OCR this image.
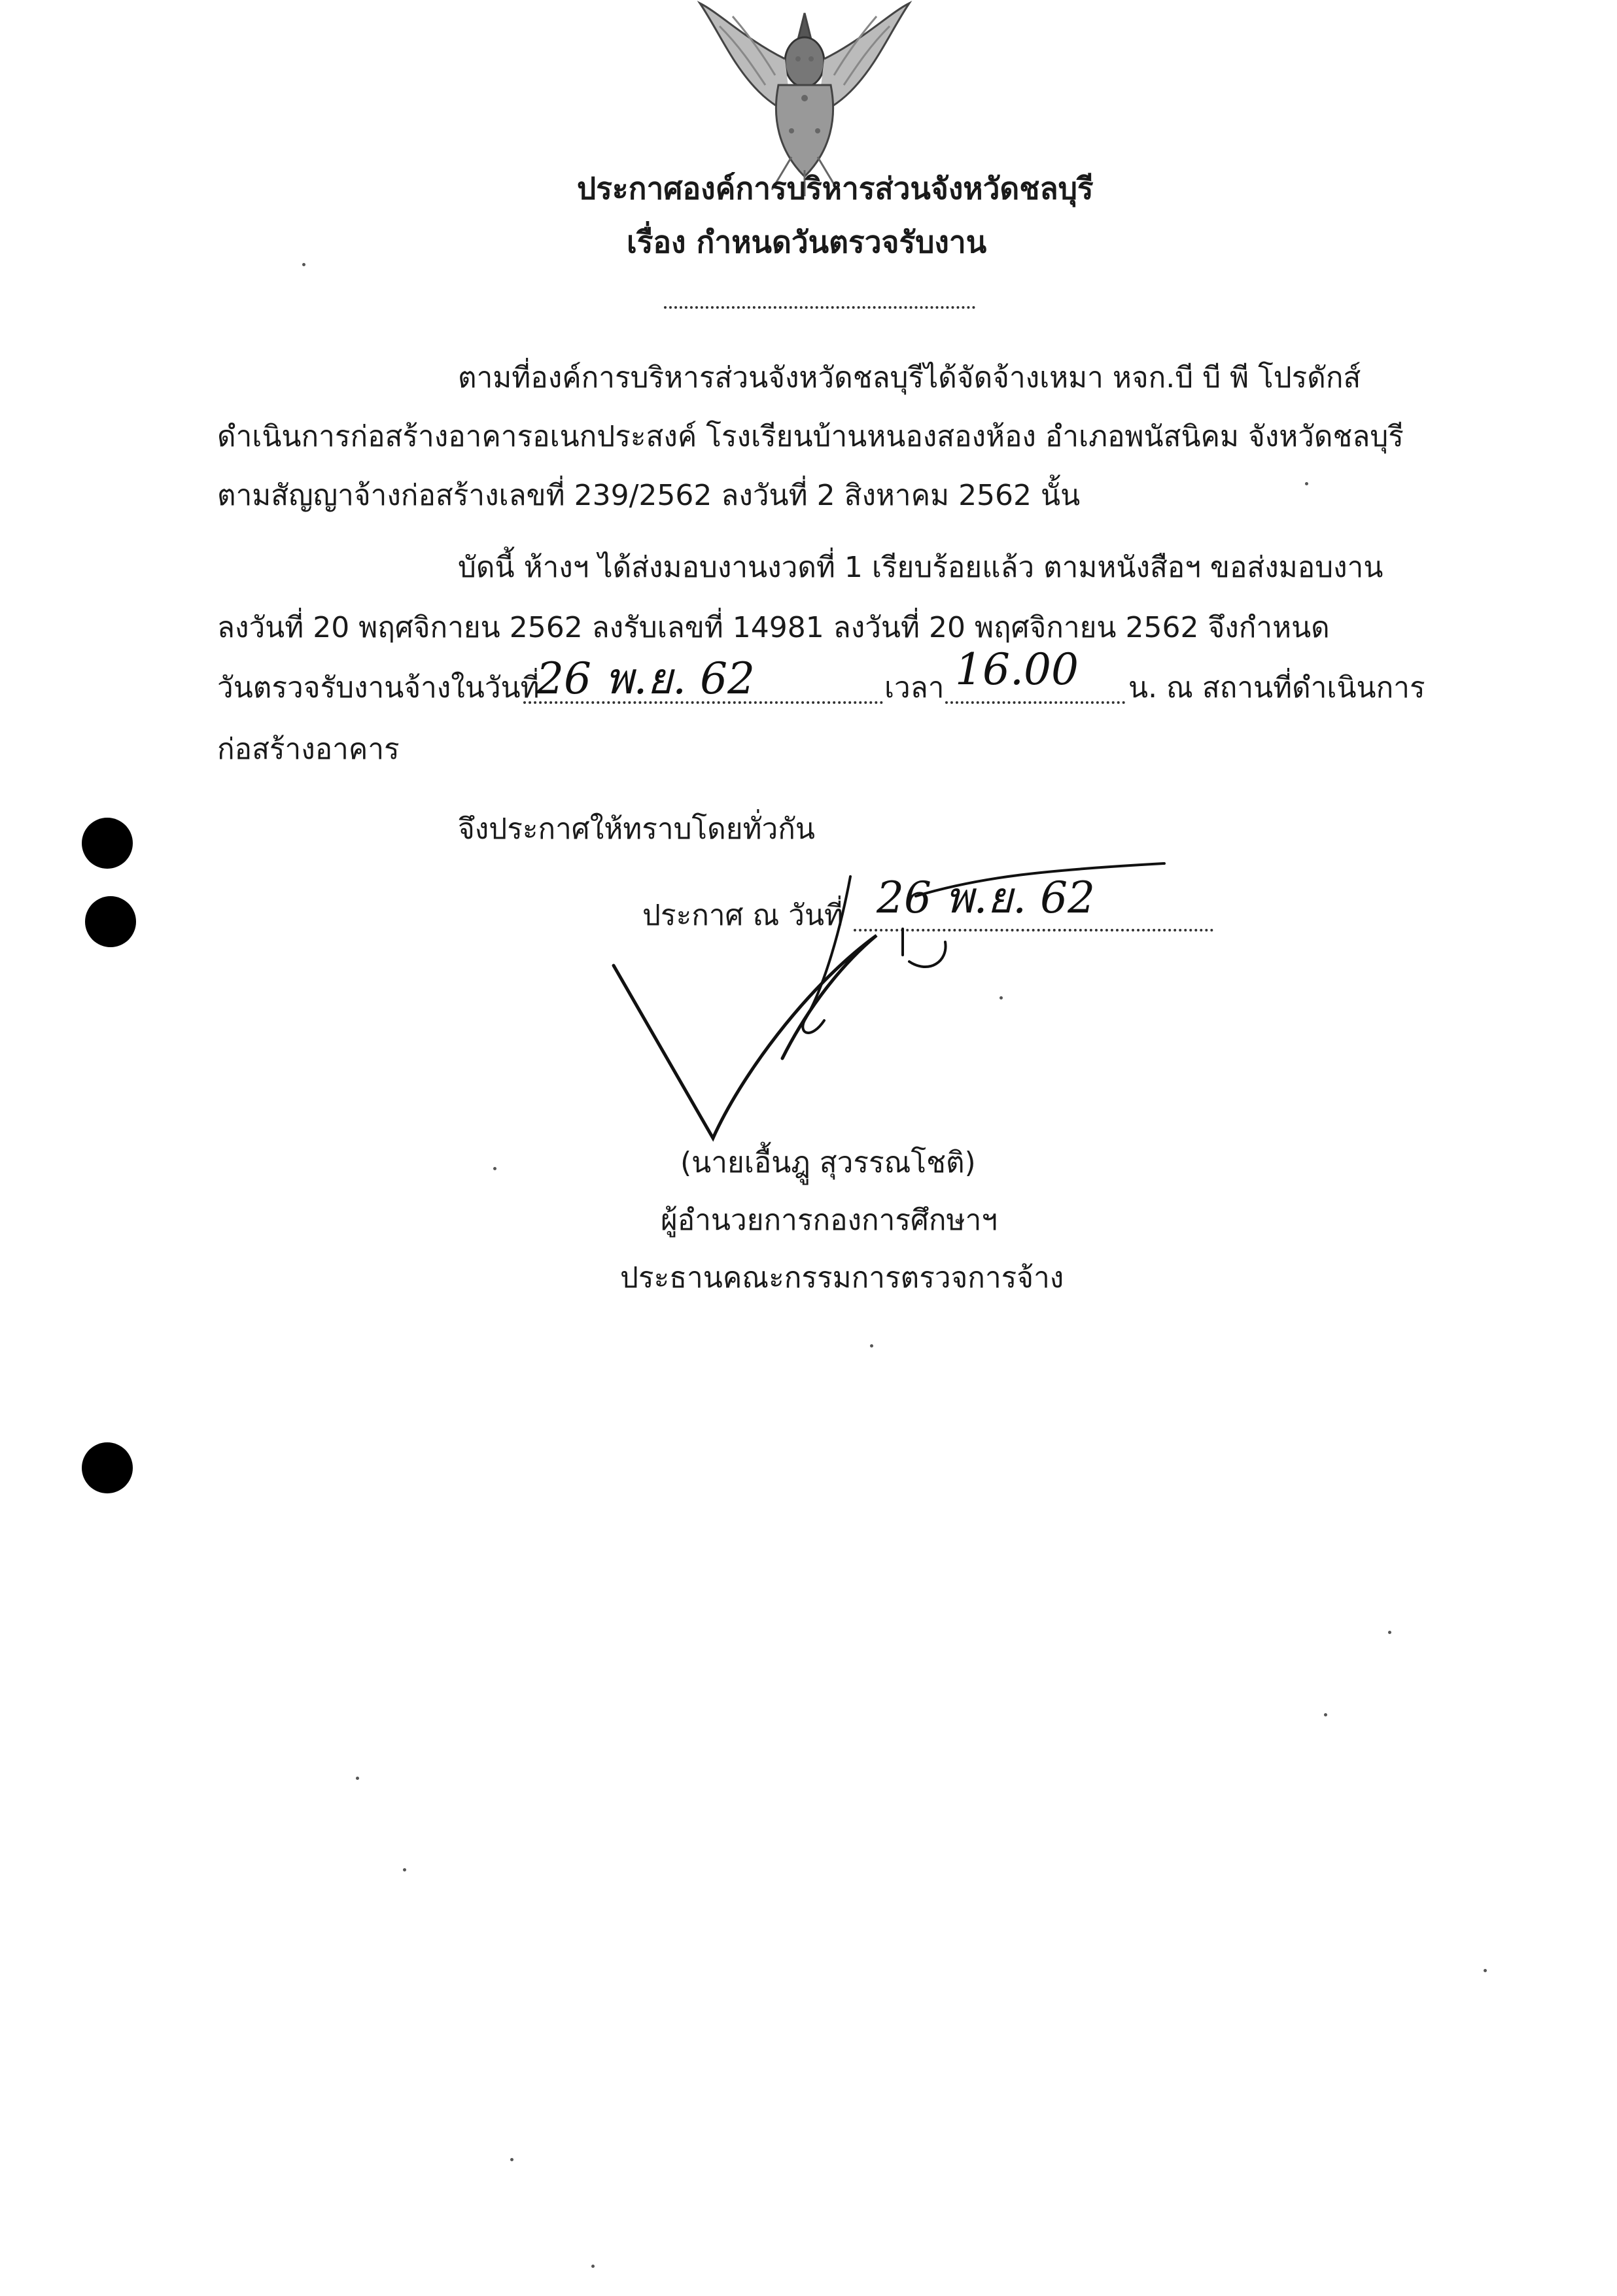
ประกาศองค์การบริหารส่วนจังหวัดชลบุรี
เรื่อง กำหนดวันตรวจรับงาน
ตามที่องค์การบริหารส่วนจังหวัดชลบุรีได้จัดจ้างเหมา หจก.บี บี พี โปรดักส์
ดำเนินการก่อสร้างอาคารอเนกประสงค์ โรงเรียนบ้านหนองสองห้อง อำเภอพนัสนิคม จังหวัดชลบุรี
ตามสัญญาจ้างก่อสร้างเลขที่ 239/2562 ลงวันที่ 2 สิงหาคม 2562 นั้น
บัดนี้ ห้างฯ ได้ส่งมอบงานงวดที่ 1 เรียบร้อยแล้ว ตามหนังสือฯ ขอส่งมอบงาน
ลงวันที่ 20 พฤศจิกายน 2562 ลงรับเลขที่ 14981 ลงวันที่ 20 พฤศจิกายน 2562 จึงกำหนด
วันตรวจรับงานจ้างในวันที่
26 พ.ย. 62	เวลา 16.00 น. ณ สถานที่ดำเนินการ
ก่อสร้างอาคาร
จึงประกาศให้ทราบโดยทั่วกัน
ประกาศ ณ วันที่ 26 พ.ย. 62
(นายเอื้นฎู สุวรรณโชติ)
ผู้อำนวยการกองการศึกษาฯ
ประธานคณะกรรมการตรวจการจ้าง
